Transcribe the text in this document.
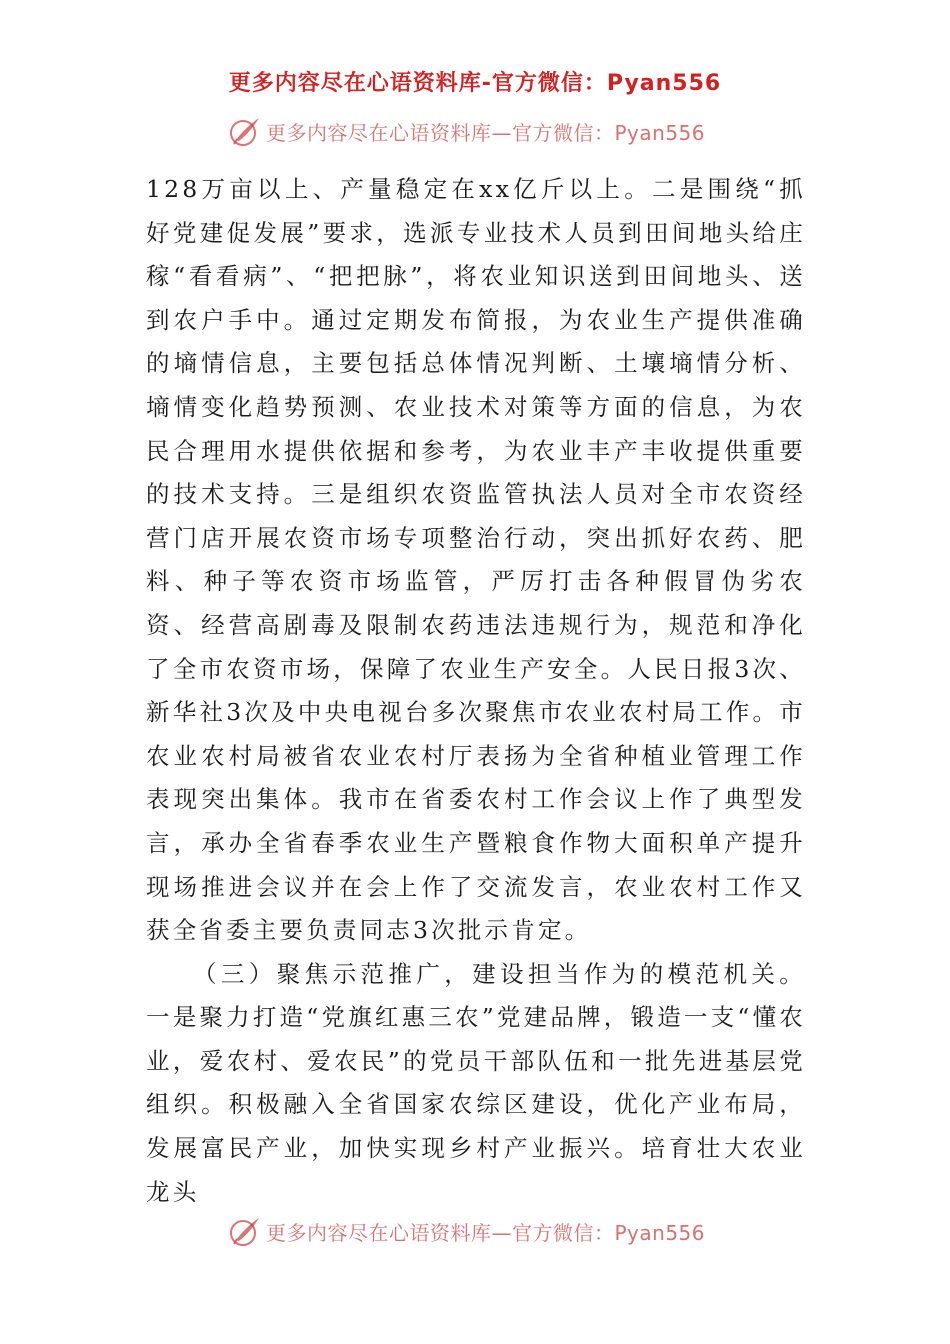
更多内容尽在心语资料库-官方微信：Pyan556
更多内容尽在心语资料库—官方微信：Pyan556

128万亩以上、产量稳定在xx亿斤以上。二是围绕“抓好党建促发展”要求，选派专业技术人员到田间地头给庄稼“看看病”、“把把脉”，将农业知识送到田间地头、送到农户手中。通过定期发布简报，为农业生产提供准确的墒情信息，主要包括总体情况判断、土壤墒情分析、墒情变化趋势预测、农业技术对策等方面的信息，为农民合理用水提供依据和参考，为农业丰产丰收提供重要的技术支持。三是组织农资监管执法人员对全市农资经营门店开展农资市场专项整治行动，突出抓好农药、肥料、种子等农资市场监管，严厉打击各种假冒伪劣农资、经营高剧毒及限制农药违法违规行为，规范和净化了全市农资市场，保障了农业生产安全。人民日报3次、新华社3次及中央电视台多次聚焦市农业农村局工作。市农业农村局被省农业农村厅表扬为全省种植业管理工作表现突出集体。我市在省委农村工作会议上作了典型发言，承办全省春季农业生产暨粮食作物大面积单产提升现场推进会议并在会上作了交流发言，农业农村工作又获全省委主要负责同志3次批示肯定。

（三）聚焦示范推广，建设担当作为的模范机关。一是聚力打造“党旗红惠三农”党建品牌，锻造一支“懂农业，爱农村、爱农民”的党员干部队伍和一批先进基层党组织。积极融入全省国家农综区建设，优化产业布局，发展富民产业，加快实现乡村产业振兴。培育壮大农业龙头

更多内容尽在心语资料库—官方微信：Pyan556
